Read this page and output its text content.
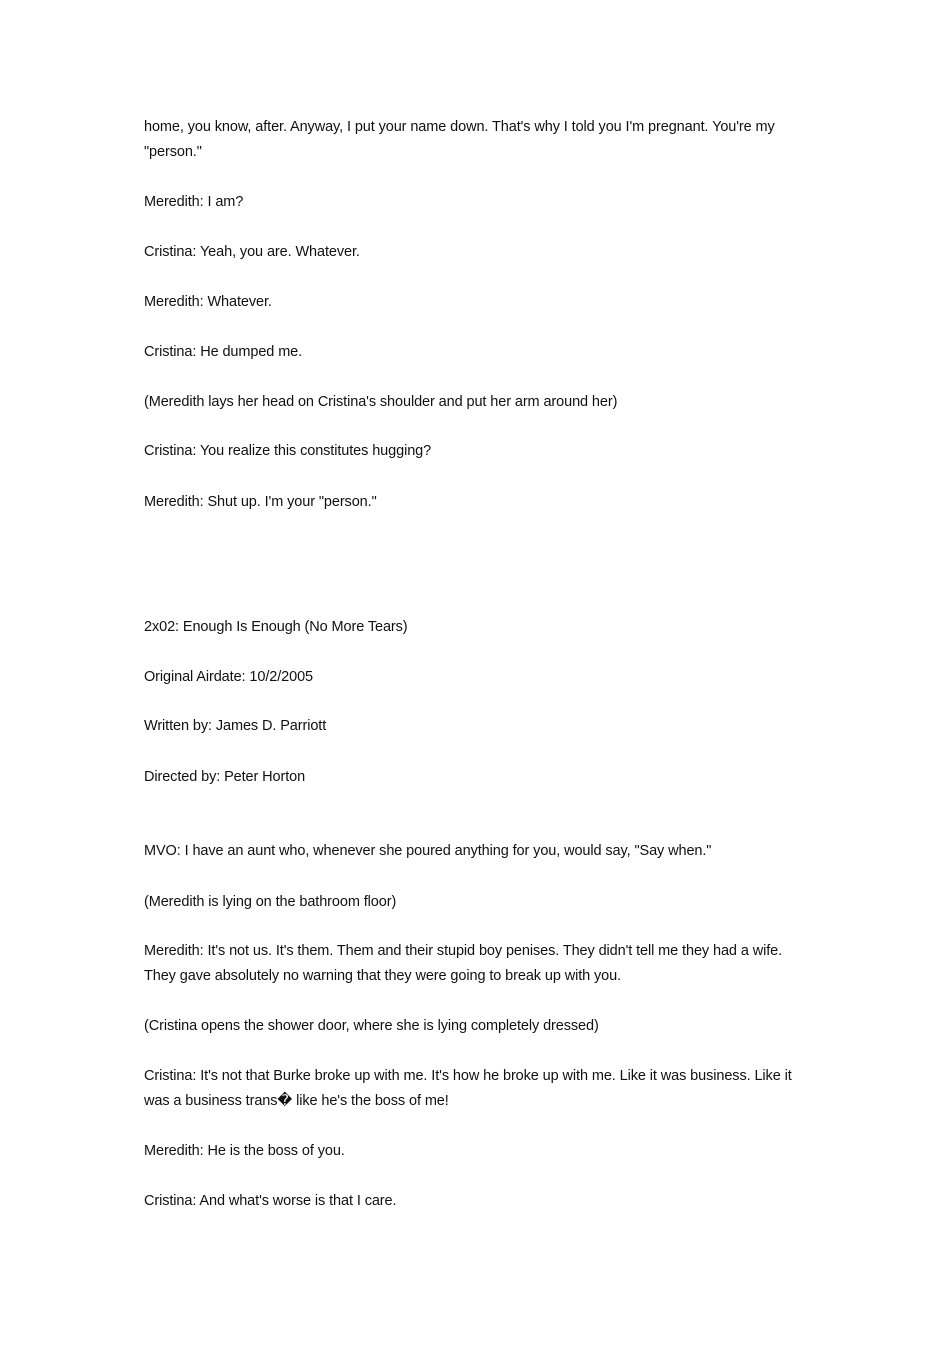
home, you know, after. Anyway, I put your name down. That's why I told you I'm pregnant. You're my "person."

Meredith: I am?

Cristina: Yeah, you are. Whatever.

Meredith: Whatever.

Cristina: He dumped me.

(Meredith lays her head on Cristina's shoulder and put her arm around her)

Cristina: You realize this constitutes hugging?

Meredith: Shut up. I'm your "person."

2x02: Enough Is Enough (No More Tears)

Original Airdate: 10/2/2005

Written by: James D. Parriott

Directed by: Peter Horton

MVO: I have an aunt who, whenever she poured anything for you, would say, "Say when."

(Meredith is lying on the bathroom floor)

Meredith: It's not us. It's them. Them and their stupid boy penises. They didn't tell me they had a wife. They gave absolutely no warning that they were going to break up with you.

(Cristina opens the shower door, where she is lying completely dressed)

Cristina: It's not that Burke broke up with me. It's how he broke up with me. Like it was business. Like it was a business trans� like he's the boss of me!

Meredith: He is the boss of you.

Cristina: And what's worse is that I care.
